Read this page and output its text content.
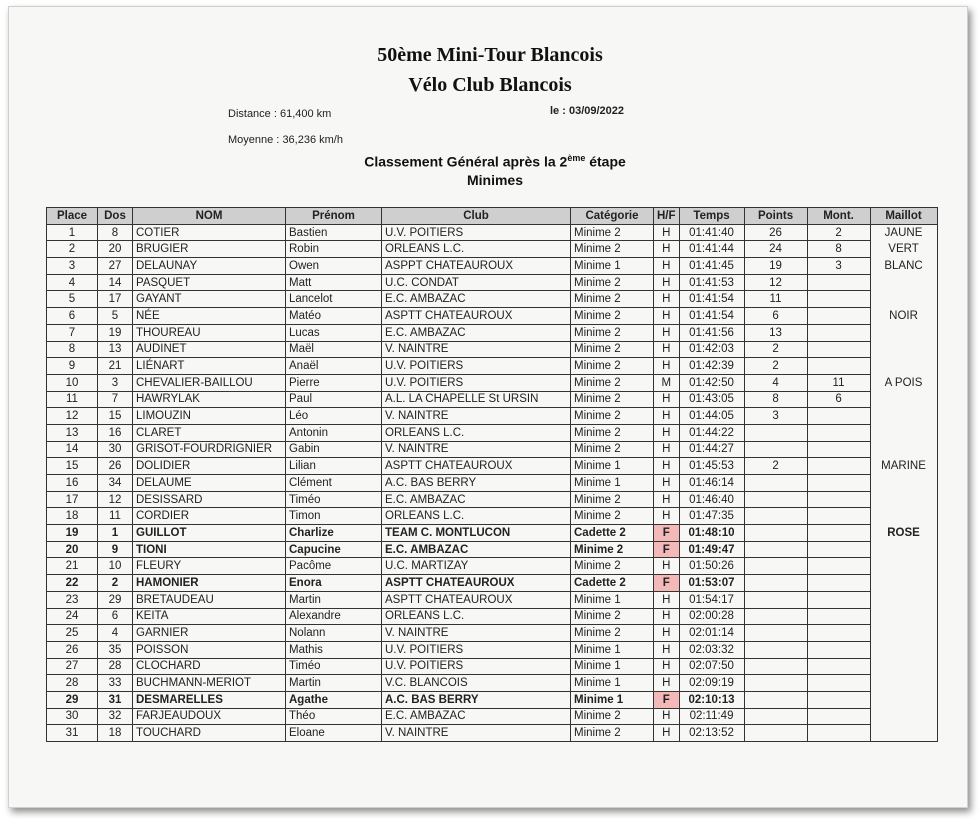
50ème Mini-Tour Blancois
Vélo Club Blancois
Distance : 61,400 km
Moyenne : 36,236 km/h
le : 03/09/2022
Classement Général après la 2ème étape
Minimes
Place	Dos	NOM	Prénom	Club	Catégorie	H/F	Temps	Points	Mont.	Maillot
1	8	COTIER	Bastien	U.V. POITIERS	Minime 2	H	01:41:40	26	2	JAUNE
2	20	BRUGIER	Robin	ORLEANS L.C.	Minime 2	H	01:41:44	24	8	VERT
3	27	DELAUNAY	Owen	ASPPT CHATEAUROUX	Minime 1	H	01:41:45	19	3	BLANC
4	14	PASQUET	Matt	U.C. CONDAT	Minime 2	H	01:41:53	12		
5	17	GAYANT	Lancelot	E.C. AMBAZAC	Minime 2	H	01:41:54	11		
6	5	NÉE	Matéo	ASPTT CHATEAUROUX	Minime 2	H	01:41:54	6		NOIR
7	19	THOUREAU	Lucas	E.C. AMBAZAC	Minime 2	H	01:41:56	13		
8	13	AUDINET	Maël	V. NAINTRE	Minime 2	H	01:42:03	2		
9	21	LIÉNART	Anaël	U.V. POITIERS	Minime 2	H	01:42:39	2		
10	3	CHEVALIER-BAILLOU	Pierre	U.V. POITIERS	Minime 2	M	01:42:50	4	11	A POIS
11	7	HAWRYLAK	Paul	A.L. LA CHAPELLE St URSIN	Minime 2	H	01:43:05	8	6	
12	15	LIMOUZIN	Léo	V. NAINTRE	Minime 2	H	01:44:05	3		
13	16	CLARET	Antonin	ORLEANS L.C.	Minime 2	H	01:44:22			
14	30	GRISOT-FOURDRIGNIER	Gabin	V. NAINTRE	Minime 2	H	01:44:27			
15	26	DOLIDIER	Lilian	ASPTT CHATEAUROUX	Minime 1	H	01:45:53	2		MARINE
16	34	DELAUME	Clément	A.C. BAS BERRY	Minime 1	H	01:46:14			
17	12	DESISSARD	Timéo	E.C. AMBAZAC	Minime 2	H	01:46:40			
18	11	CORDIER	Timon	ORLEANS L.C.	Minime 2	H	01:47:35			
19	1	GUILLOT	Charlize	TEAM C. MONTLUCON	Cadette 2	F	01:48:10			ROSE
20	9	TIONI	Capucine	E.C. AMBAZAC	Minime 2	F	01:49:47			
21	10	FLEURY	Pacôme	U.C. MARTIZAY	Minime 2	H	01:50:26			
22	2	HAMONIER	Enora	ASPTT CHATEAUROUX	Cadette 2	F	01:53:07			
23	29	BRETAUDEAU	Martin	ASPTT CHATEAUROUX	Minime 1	H	01:54:17			
24	6	KEITA	Alexandre	ORLEANS L.C.	Minime 2	H	02:00:28			
25	4	GARNIER	Nolann	V. NAINTRE	Minime 2	H	02:01:14			
26	35	POISSON	Mathis	U.V. POITIERS	Minime 1	H	02:03:32			
27	28	CLOCHARD	Timéo	U.V. POITIERS	Minime 1	H	02:07:50			
28	33	BUCHMANN-MERIOT	Martin	V.C. BLANCOIS	Minime 1	H	02:09:19			
29	31	DESMARELLES	Agathe	A.C. BAS BERRY	Minime 1	F	02:10:13			
30	32	FARJEAUDOUX	Théo	E.C. AMBAZAC	Minime 2	H	02:11:49			
31	18	TOUCHARD	Eloane	V. NAINTRE	Minime 2	H	02:13:52			
